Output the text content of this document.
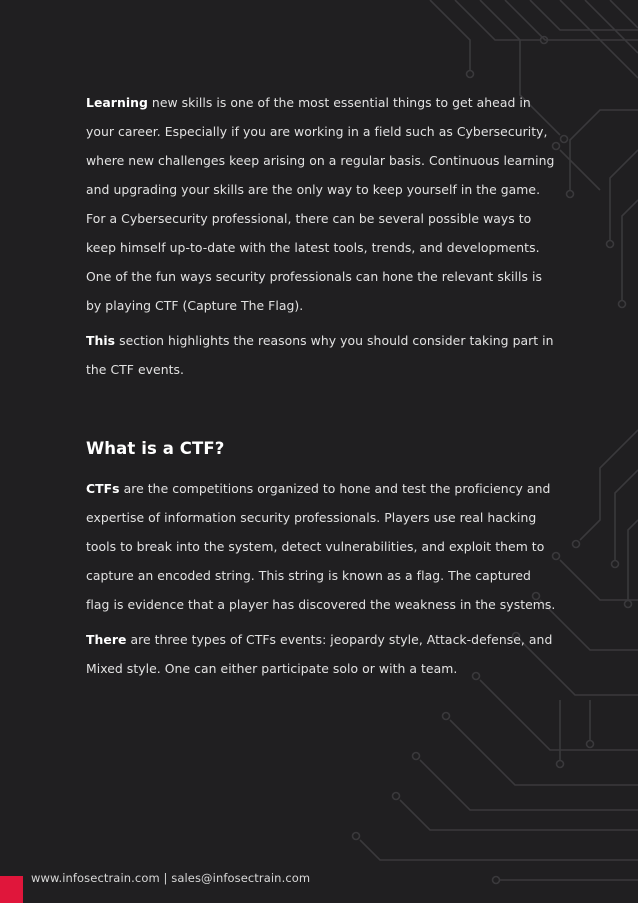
Learning new skills is one of the most essential things to get ahead in your career. Especially if you are working in a field such as Cybersecurity, where new challenges keep arising on a regular basis. Continuous learning and upgrading your skills are the only way to keep yourself in the game. For a Cybersecurity professional, there can be several possible ways to keep himself up-to-date with the latest tools, trends, and developments. One of the fun ways security professionals can hone the relevant skills is by playing CTF (Capture The Flag).

This section highlights the reasons why you should consider taking part in the CTF events.

What is a CTF?

CTFs are the competitions organized to hone and test the proficiency and expertise of information security professionals. Players use real hacking tools to break into the system, detect vulnerabilities, and exploit them to capture an encoded string. This string is known as a flag. The captured flag is evidence that a player has discovered the weakness in the systems.

There are three types of CTFs events: jeopardy style, Attack-defense, and Mixed style. One can either participate solo or with a team.

www.infosectrain.com | sales@infosectrain.com
